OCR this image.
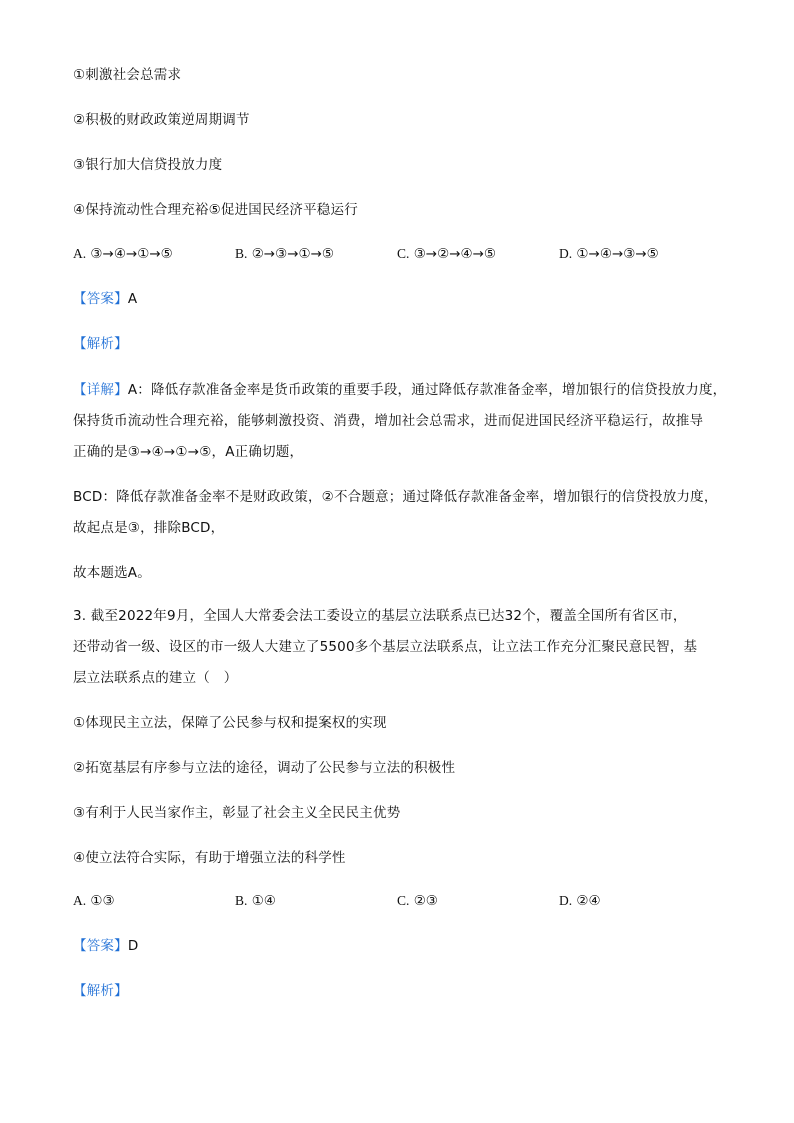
①刺激社会总需求
②积极的财政政策逆周期调节
③银行加大信贷投放力度
④保持流动性合理充裕⑤促进国民经济平稳运行
A. ③→④→①→⑤	B. ②→③→①→⑤	C. ③→②→④→⑤	D. ①→④→③→⑤
【答案】A
【解析】
【详解】A：降低存款准备金率是货币政策的重要手段，通过降低存款准备金率，增加银行的信贷投放力度，
保持货币流动性合理充裕，能够刺激投资、消费，增加社会总需求，进而促进国民经济平稳运行，故推导
正确的是③→④→①→⑤，A正确切题，
BCD：降低存款准备金率不是财政政策，②不合题意；通过降低存款准备金率，增加银行的信贷投放力度，
故起点是③，排除BCD，
故本题选A。
3. 截至2022年9月，全国人大常委会法工委设立的基层立法联系点已达32个，覆盖全国所有省区市，
还带动省一级、设区的市一级人大建立了5500多个基层立法联系点，让立法工作充分汇聚民意民智，基
层立法联系点的建立（　）
①体现民主立法，保障了公民参与权和提案权的实现
②拓宽基层有序参与立法的途径，调动了公民参与立法的积极性
③有利于人民当家作主，彰显了社会主义全民民主优势
④使立法符合实际，有助于增强立法的科学性
A. ①③	B. ①④	C. ②③	D. ②④
【答案】D
【解析】
